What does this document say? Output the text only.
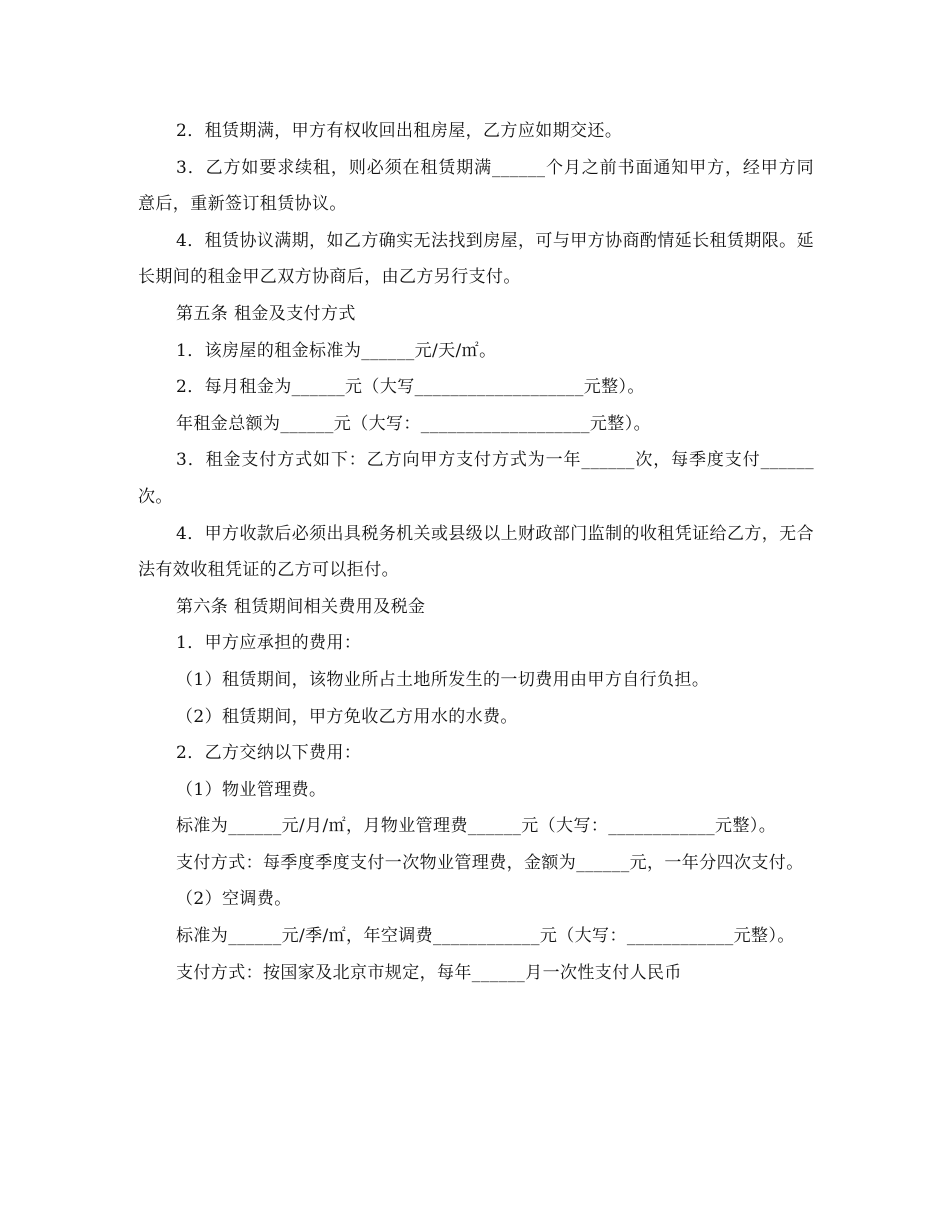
2．租赁期满，甲方有权收回出租房屋，乙方应如期交还。

3．乙方如要求续租，则必须在租赁期满______个月之前书面通知甲方，经甲方同意后，重新签订租赁协议。

4．租赁协议满期，如乙方确实无法找到房屋，可与甲方协商酌情延长租赁期限。延长期间的租金甲乙双方协商后，由乙方另行支付。

第五条 租金及支付方式

1．该房屋的租金标准为______元/天/㎡。

2．每月租金为______元（大写___________________元整）。

年租金总额为______元（大写：___________________元整）。

3．租金支付方式如下：乙方向甲方支付方式为一年______次，每季度支付______次。

4．甲方收款后必须出具税务机关或县级以上财政部门监制的收租凭证给乙方，无合法有效收租凭证的乙方可以拒付。

第六条 租赁期间相关费用及税金

1．甲方应承担的费用：

（1）租赁期间，该物业所占土地所发生的一切费用由甲方自行负担。

（2）租赁期间，甲方免收乙方用水的水费。

2．乙方交纳以下费用：

（1）物业管理费。

标准为______元/月/㎡，月物业管理费______元（大写：____________元整）。

支付方式：每季度季度支付一次物业管理费，金额为______元，一年分四次支付。

（2）空调费。

标准为______元/季/㎡，年空调费____________元（大写：____________元整）。

支付方式：按国家及北京市规定，每年______月一次性支付人民币
